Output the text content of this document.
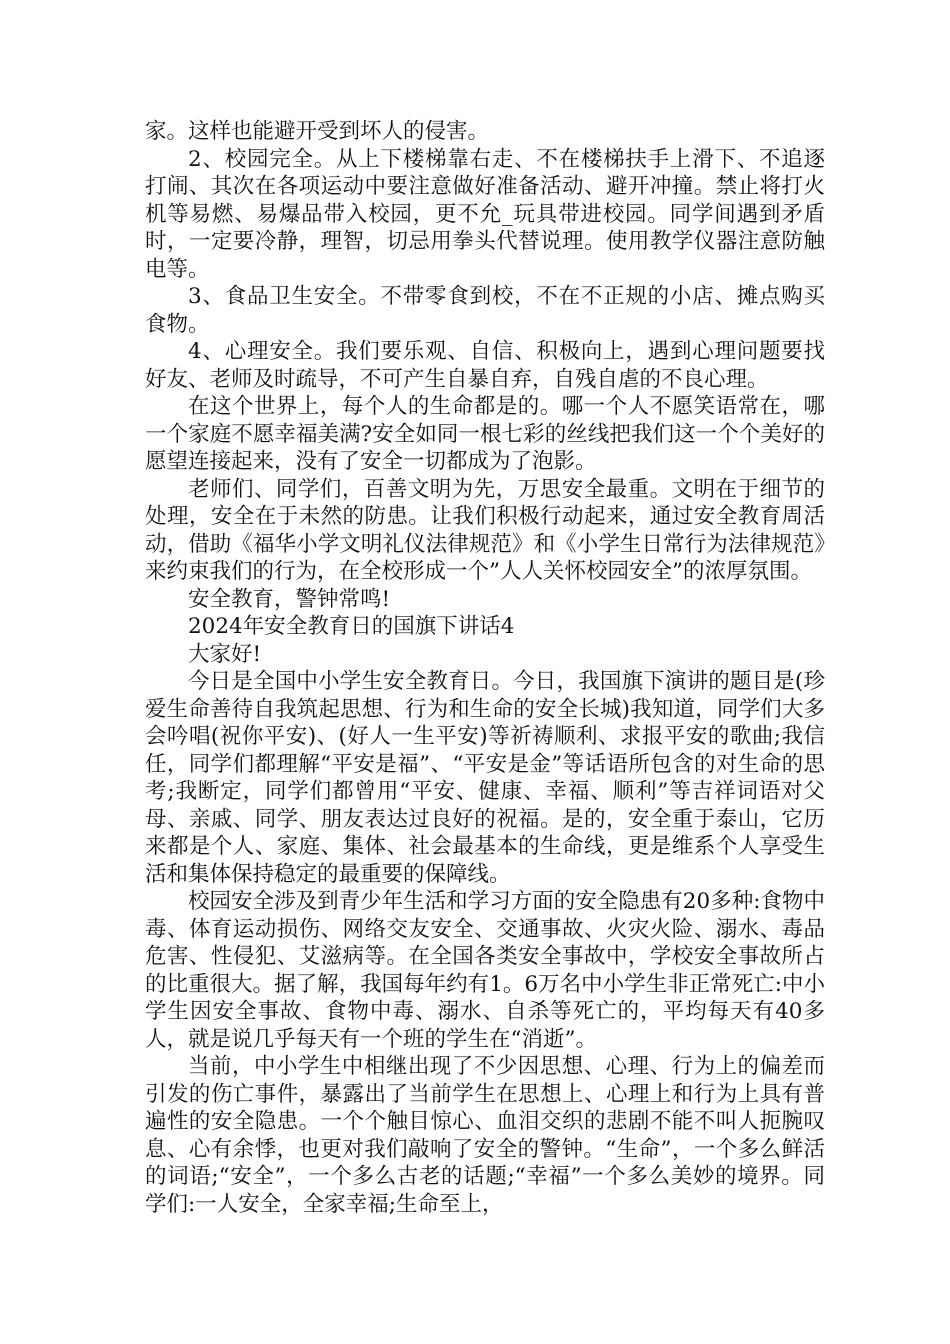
家。这样也能避开受到坏人的侵害。

2、校园完全。从上下楼梯靠右走、不在楼梯扶手上滑下、不追逐打闹、其次在各项运动中要注意做好准备活动、避开冲撞。禁止将打火机等易燃、易爆品带入校园，更不允_玩具带进校园。同学间遇到矛盾时，一定要冷静，理智，切忌用拳头代替说理。使用教学仪器注意防触电等。

3、食品卫生安全。不带零食到校，不在不正规的小店、摊点购买食物。

4、心理安全。我们要乐观、自信、积极向上，遇到心理问题要找好友、老师及时疏导，不可产生自暴自弃，自残自虐的不良心理。

在这个世界上，每个人的生命都是的。哪一个人不愿笑语常在，哪一个家庭不愿幸福美满?安全如同一根七彩的丝线把我们这一个个美好的愿望连接起来，没有了安全一切都成为了泡影。

老师们、同学们，百善文明为先，万思安全最重。文明在于细节的处理，安全在于未然的防患。让我们积极行动起来，通过安全教育周活动，借助《福华小学文明礼仪法律规范》和《小学生日常行为法律规范》来约束我们的行为，在全校形成一个”人人关怀校园安全”的浓厚氛围。

安全教育，警钟常鸣!

2024年安全教育日的国旗下讲话4

大家好!

今日是全国中小学生安全教育日。今日，我国旗下演讲的题目是(珍爱生命善待自我筑起思想、行为和生命的安全长城)我知道，同学们大多会吟唱(祝你平安)、(好人一生平安)等祈祷顺利、求报平安的歌曲;我信任，同学们都理解“平安是福”、“平安是金”等话语所包含的对生命的思考;我断定，同学们都曾用“平安、健康、幸福、顺利”等吉祥词语对父母、亲戚、同学、朋友表达过良好的祝福。是的，安全重于泰山，它历来都是个人、家庭、集体、社会最基本的生命线，更是维系个人享受生活和集体保持稳定的最重要的保障线。

校园安全涉及到青少年生活和学习方面的安全隐患有20多种:食物中毒、体育运动损伤、网络交友安全、交通事故、火灾火险、溺水、毒品危害、性侵犯、艾滋病等。在全国各类安全事故中，学校安全事故所占的比重很大。据了解，我国每年约有1。6万名中小学生非正常死亡:中小学生因安全事故、食物中毒、溺水、自杀等死亡的，平均每天有40多人，就是说几乎每天有一个班的学生在“消逝”。

当前，中小学生中相继出现了不少因思想、心理、行为上的偏差而引发的伤亡事件，暴露出了当前学生在思想上、心理上和行为上具有普遍性的安全隐患。一个个触目惊心、血泪交织的悲剧不能不叫人扼腕叹息、心有余悸，也更对我们敲响了安全的警钟。“生命”，一个多么鲜活的词语;“安全”，一个多么古老的话题;“幸福”一个多么美妙的境界。同学们:一人安全，全家幸福;生命至上，
